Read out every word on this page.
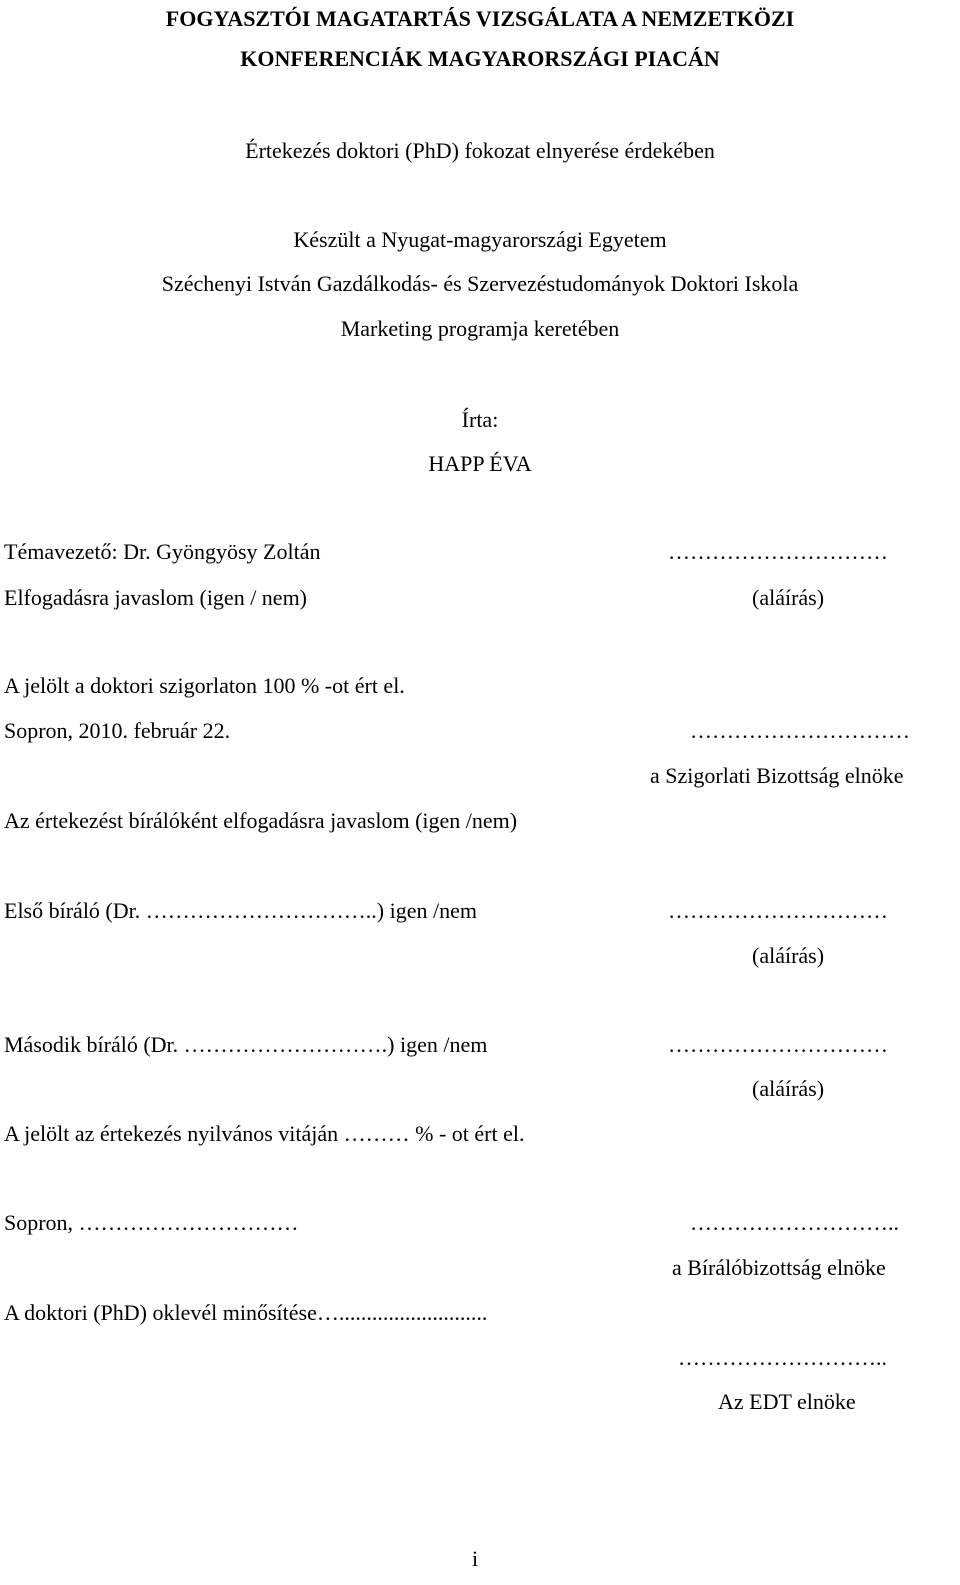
FOGYASZTÓI MAGATARTÁS VIZSGÁLATA A NEMZETKÖZI
KONFERENCIÁK MAGYARORSZÁGI PIACÁN
Értekezés doktori (PhD) fokozat elnyerése érdekében
Készült a Nyugat-magyarországi Egyetem
Széchenyi István Gazdálkodás- és Szervezéstudományok Doktori Iskola
Marketing programja keretében
Írta:
HAPP ÉVA
Témavezető: Dr. Gyöngyösy Zoltán	…………………………
Elfogadásra javaslom (igen / nem)	(aláírás)
A jelölt a doktori szigorlaton 100 % -ot ért el.
Sopron, 2010. február 22.	…………………………
a Szigorlati Bizottság elnöke
Az értekezést bírálóként elfogadásra javaslom (igen /nem)
Első bíráló (Dr. …………………………..) igen /nem	…………………………
(aláírás)
Második bíráló (Dr. ……………………….) igen /nem	…………………………
(aláírás)
A jelölt az értekezés nyilvános vitáján ……… % - ot ért el.
Sopron, …………………………	………………………..
a Bírálóbizottság elnöke
A doktori (PhD) oklevél minősítése…...........................
………………………..
Az EDT elnöke
i
